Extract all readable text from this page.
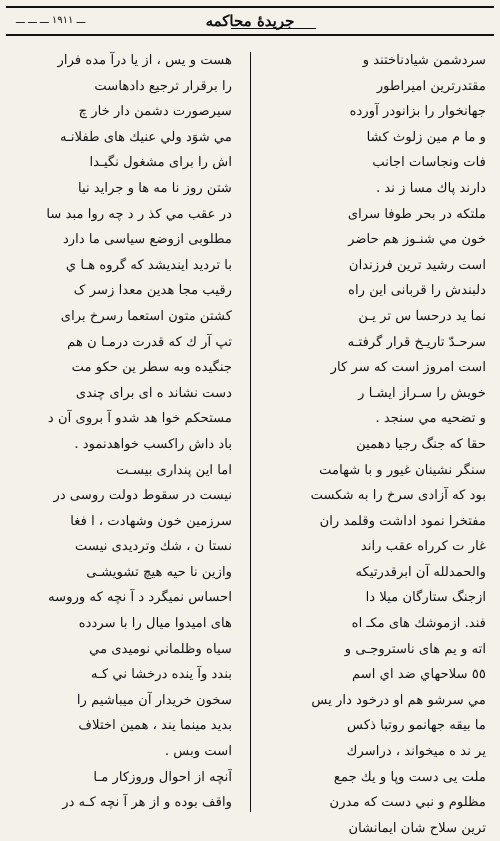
ـــ ١٩١١ ـــ ـــ ـــ	جريدهٔ محاكمه
سردشمن شيادناختند و
مقتدرترين اميراطور
جهانخوار را بزانودر آورده
و ما م مين زلوث كشا
فات ونجاسات اجانب
دارند پاك مسا ز ند .
ملتكه در بحر طوفا سراى
خون مي شنـوز هم حاضر
است رشيد ترين فرزندان
دلبندش را قربانی اين راه
نما يد درحسا س تر يـن
سرحـدّ تاريـخ قرار گرفتـه
است امروز است که سر کار
خويش را سـراز ايشـا ر
و تضحيه مي سنجد .
حقا كه جنگ رجيا دهمين
سنگر نشينان غيور و با شهامت
بود كه آزادى سرخ را به شكست
مفتخرا نمود اداشت وقلمد ران
غار ت كرراه عقب راند
والحمدلله آن ابرقدرتيكه
ازجنگ ستارگان ميلا دا
فند. ازموشك هاى مكـ اه
اته و يم هاى ناستروجـی و
٥٥ سلاحهاي ضد اي اسم
مي سرشو هم او درخود دار يس
ما بيقه جهانمو روتبا ذكس
ير ند ه ميخواند ، دراسرك
ملت يی دست وپا و يك جمع
مظلوم و نبي دست كه مدرن
ترين سلاح شان ايمانشان
هست و يس ، از يا درآ مده فرار
را برقرار ترجيع دادهاست
سيرصورت دشمن دار خار چ
مي شوَد ولي عنيك هاى طفلانـه
اش را براى مشغول نگيـدا
شتن روز نا مه ها و جرايد نيا
در عقب مي كذ ر د چه روا مبد سا
مطلوبی ازوضع سياسی ما دارد
با ترديد اينديشد كه گروه هـا ي
رقيب مجا هدين معدا زسر ک
كشتن متون استعما رسرخ براى
تپ آر ك كه قدرت درمـا ن هم
جنگيده وبه سطر ين حكو مت
دست نشاند ه اى براى چندى
مستحكم خوا هد شدو آ بروى آن د
باد داش راكسب خواهدنمود .
اما اين پندارى بيسـت
نيست در سقوط دولت روسی در
سرزمين خون وشهادت ، ا فغا
نستا ن ، شك وترديدى نيست
وازين نا حيه هيچ تشويشـى
احساس نميگرد د آ نچه که وروسه
هاى اميدوا ميال را با سردده
سياه وظلماني نومیدی مي
بندد وآ ينده درخشا ني كـه
سخون خريدار آن ميباشيم را
بديد مينما يند ، همين اختلاف
است وبس .
آنچه از احوال وروزكار مـا
واقف بوده و از هر آ نچه كـه در
